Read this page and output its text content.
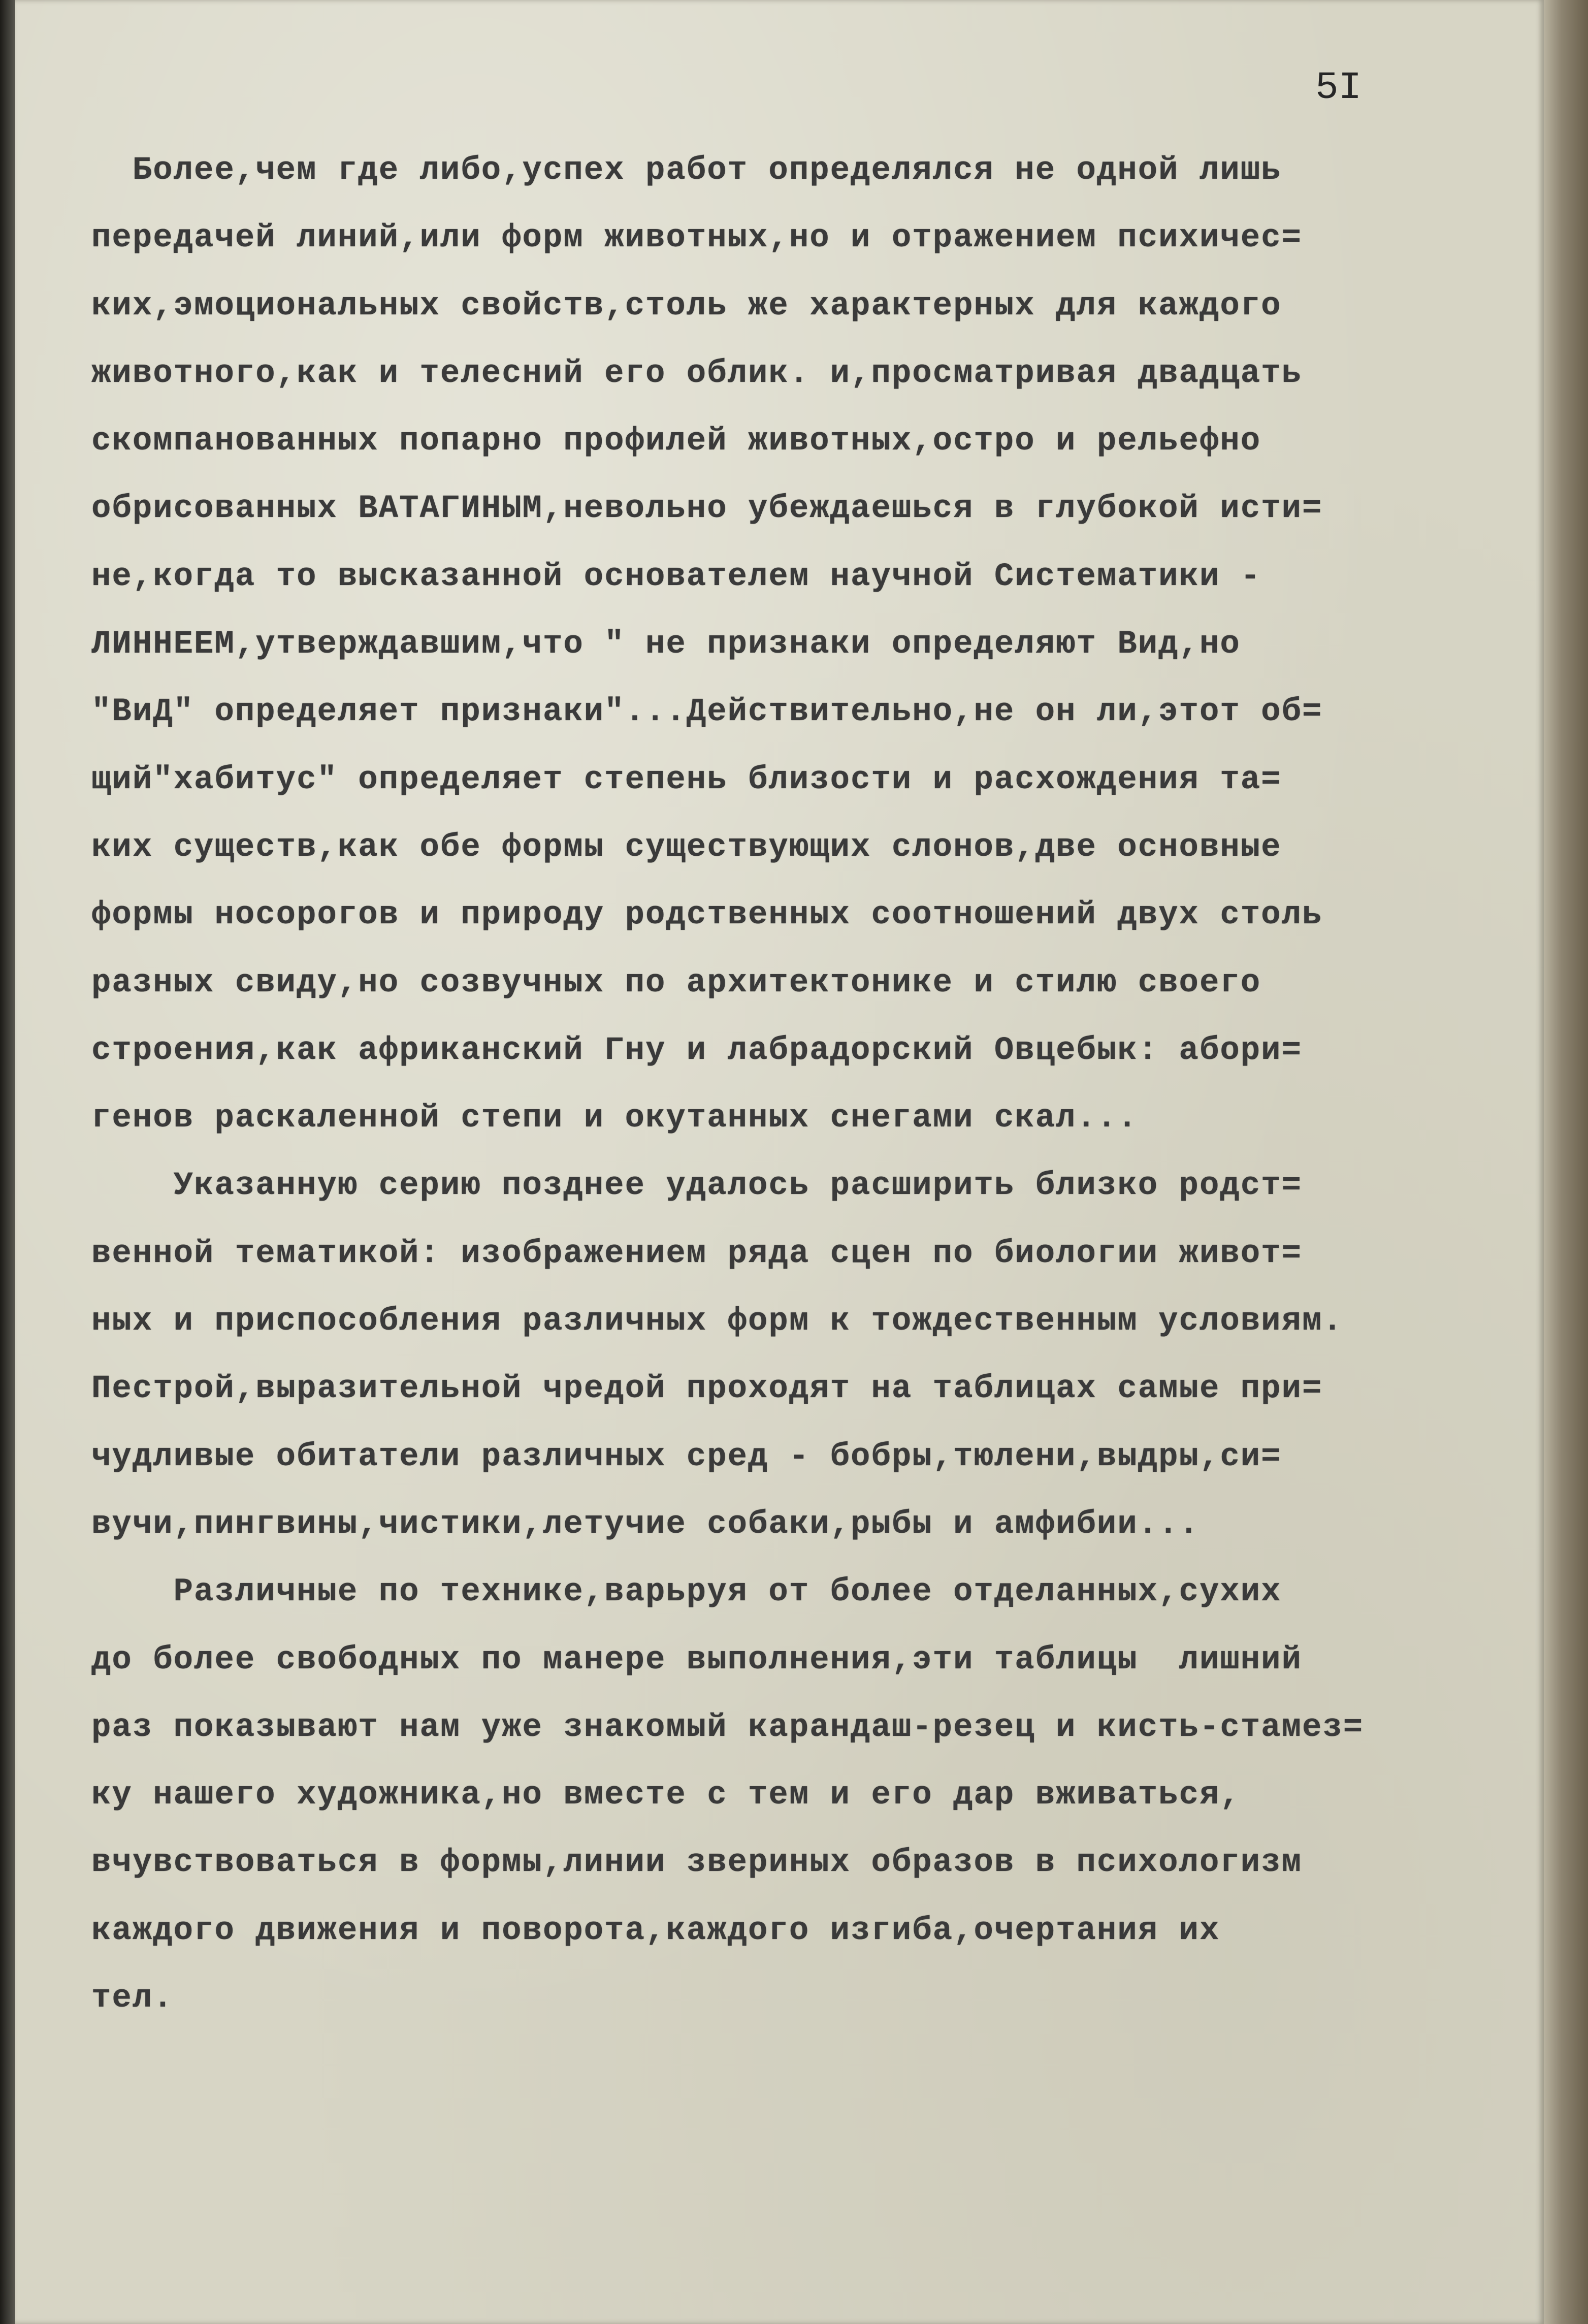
5I
Более,чем где либо,успех работ определялся не одной лишь
передачей линий,или форм животных,но и отражением психичес=
ких,эмоциональных свойств,столь же характерных для каждого
животного,как и телесний его облик. и,просматривая двадцать
скомпанованных попарно профилей животных,остро и рельефно
обрисованных ВАТАГИНЫМ,невольно убеждаешься в глубокой исти=
не,когда то высказанной основателем научной Систематики -
ЛИННЕЕМ,утверждавшим,что " не признаки определяют Вид,но
"ВиД" определяет признаки"...Действительно,не он ли,этот об=
щий"хабитус" определяет степень близости и расхождения та=
ких существ,как обе формы существующих слонов,две основные
формы носорогов и природу родственных соотношений двух столь
разных свиду,но созвучных по архитектонике и стилю своего
строения,как африканский Гну и лабрадорский Овцебык: абори=
генов раскаленной степи и окутанных снегами скал...
Указанную серию позднее удалось расширить близко родст=
венной тематикой: изображением ряда сцен по биологии живот=
ных и приспособления различных форм к тождественным условиям.
Пестрой,выразительной чредой проходят на таблицах самые при=
чудливые обитатели различных сред - бобры,тюлени,выдры,си=
вучи,пингвины,чистики,летучие собаки,рыбы и амфибии...
Различные по технике,варьруя от более отделанных,сухих
до более свободных по манере выполнения,эти таблицы  лишний
раз показывают нам уже знакомый карандаш-резец и кисть-стамез=
ку нашего художника,но вместе с тем и его дар вживаться,
вчувствоваться в формы,линии звериных образов в психологизм
каждого движения и поворота,каждого изгиба,очертания их
тел.
